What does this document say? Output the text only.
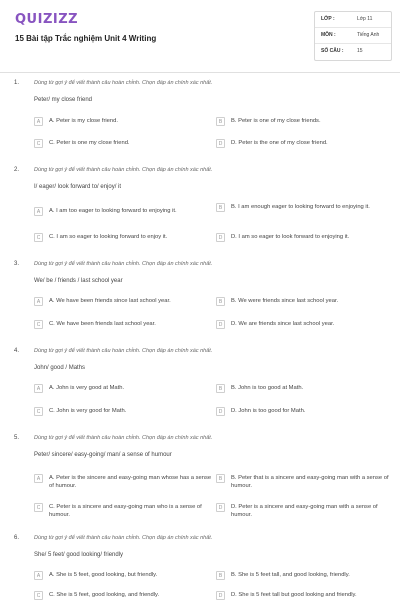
QUIZIZZ
15 Bài tập Trắc nghiệm Unit 4 Writing
LỚP :	Lớp 11
MÔN :	Tiếng Anh
SỐ CÂU :	15
1.	Dùng từ gợi ý để viết thành câu hoàn chỉnh. Chọn đáp án chính xác nhất.
Peter/ my close friend
A	A. Peter is my close friend.	B	B. Peter is one of my close friends.
C	C. Peter is one my close friend.	D	D. Peter is the one of my close friend.
2.	Dùng từ gợi ý để viết thành câu hoàn chỉnh. Chọn đáp án chính xác nhất.
I/ eager/ look forward to/ enjoy/ it
A	A. I am too eager to looking forward to enjoying it.	B	B. I am enough eager to looking forward to enjoying it.
C	C. I am so eager to looking forward to enjoy it.	D	D. I am so eager to look forward to enjoying it.
3.	Dùng từ gợi ý để viết thành câu hoàn chỉnh. Chọn đáp án chính xác nhất.
We/ be / friends / last school year
A	A. We have been friends since last school year.	B	B. We were friends since last school year.
C	C. We have been friends last school year.	D	D. We are friends since last school year.
4.	Dùng từ gợi ý để viết thành câu hoàn chỉnh. Chọn đáp án chính xác nhất.
John/ good / Maths
A	A. John is very good at Math.	B	B. John is too good at Math.
C	C. John is very good for Math.	D	D. John is too good for Math.
5.	Dùng từ gợi ý để viết thành câu hoàn chỉnh. Chọn đáp án chính xác nhất.
Peter/ sincere/ easy-going/ man/ a sense of humour
A	A. Peter is the sincere and easy-going man whose has a sense of humour.
B	B. Peter that is a sincere and easy-going man with a sense of humour.
C	C. Peter is a sincere and easy-going man who is a sense of humour.
D	D. Peter is a sincere and easy-going man with a sense of humour.
6.	Dùng từ gợi ý để viết thành câu hoàn chỉnh. Chọn đáp án chính xác nhất.
She/ 5 feet/ good looking/ friendly
A	A. She is 5 feet, good looking, but friendly.	B	B. She is 5 feet tall, and good looking, friendly.
C	C. She is 5 feet, good looking, and friendly.	D	D. She is 5 feet tall but good looking and friendly.
